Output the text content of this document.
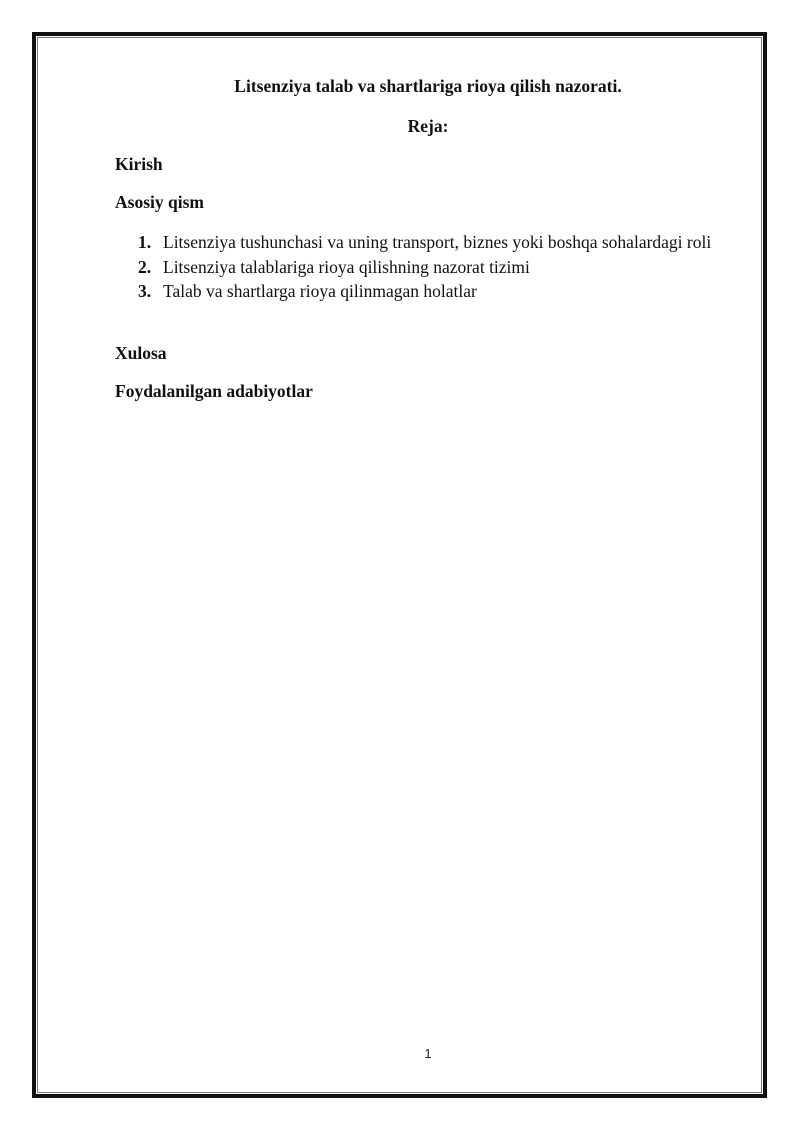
Litsenziya talab va shartlariga rioya qilish nazorati.
Reja:

Kirish

Asosiy qism

1. Litsenziya tushunchasi va uning transport, biznes yoki boshqa sohalardagi roli
2. Litsenziya talablariga rioya qilishning nazorat tizimi
3. Talab va shartlarga rioya qilinmagan holatlar

Xulosa

Foydalanilgan adabiyotlar

1
